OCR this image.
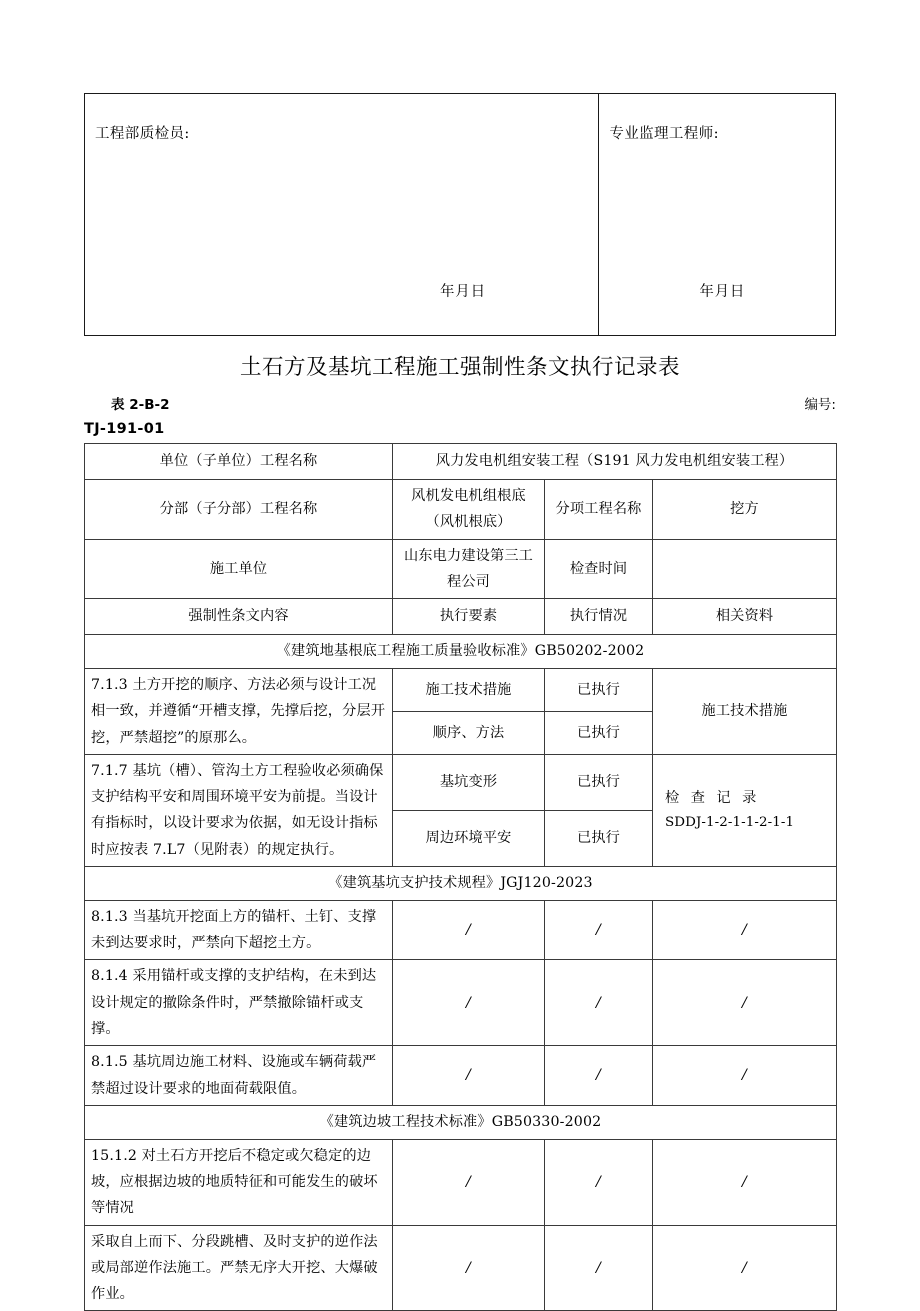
工程部质检员:
年月日
专业监理工程师:
年月日
土石方及基坑工程施工强制性条文执行记录表
表 2-B-2	编号:
TJ-191-01
单位（子单位）工程名称	风力发电机组安装工程（S191 风力发电机组安装工程）		
分部（子分部）工程名称	风机发电机组根底（风机根底）	分项工程名称	挖方
施工单位	山东电力建设第三工程公司	检查时间	
强制性条文内容	执行要素	执行情况	相关资料
《建筑地基根底工程施工质量验收标准》GB50202-2002			
7.1.3 土方开挖的顺序、方法必须与设计工况相一致，并遵循“开槽支撑，先撑后挖，分层开挖，严禁超挖”的原那么。	施工技术措施	已执行	施工技术措施
	顺序、方法	已执行	
7.1.7 基坑（槽）、管沟土方工程验收必须确保支护结构平安和周围环境平安为前提。当设计有指标时，以设计要求为依据，如无设计指标时应按表 7.L7（见附表）的规定执行。	基坑变形	已执行	检查记录
SDDJ-1-2-1-1-2-1-1

	周边环境平安	已执行	
《建筑基坑支护技术规程》JGJ120-2023			
8.1.3 当基坑开挖面上方的锚杆、土钉、支撑未到达要求时，严禁向下超挖土方。	/	/	/
8.1.4 采用锚杆或支撑的支护结构，在未到达设计规定的撤除条件时，严禁撤除锚杆或支撑。	/	/	/
8.1.5 基坑周边施工材料、设施或车辆荷载严禁超过设计要求的地面荷载限值。	/	/	/
《建筑边坡工程技术标准》GB50330-2002			
15.1.2 对土石方开挖后不稳定或欠稳定的边坡，应根据边坡的地质特征和可能发生的破坏等情况	/	/	/
采取自上而下、分段跳槽、及时支护的逆作法或局部逆作法施工。严禁无序大开挖、大爆破作业。	/	/	/
